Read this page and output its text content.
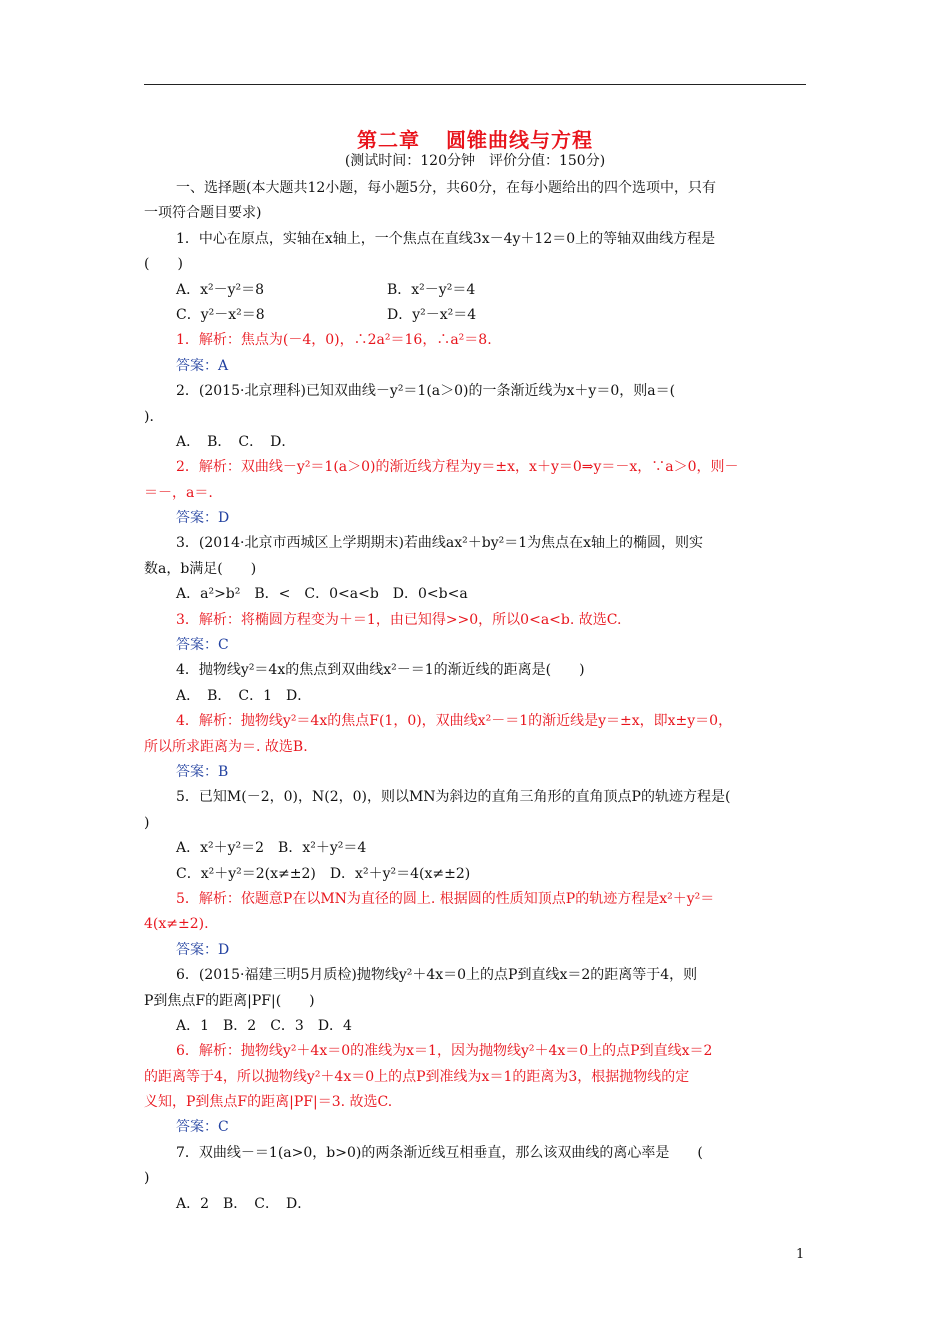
第二章 圆锥曲线与方程
(测试时间：120分钟　评价分值：150分)
一、选择题(本大题共12小题，每小题5分，共60分，在每小题给出的四个选项中，只有
一项符合题目要求)
1．中心在原点，实轴在x轴上，一个焦点在直线3x－4y＋12＝0上的等轴双曲线方程是
(　　)
A．x²－y²＝8	B．x²－y²＝4
C．y²－x²＝8	D．y²－x²＝4
1．解析：焦点为(－4，0)，∴2a²＝16，∴a²＝8.
答案：A
2．(2015·北京理科)已知双曲线－y²＝1(a＞0)的一条渐近线为x＋y＝0，则a＝(
)．
A．　B．　C．　D．
2．解析：双曲线－y²＝1(a＞0)的渐近线方程为y＝±x，x＋y＝0⇒y＝－x，∵a＞0，则－
＝－，a＝.
答案：D
3．(2014·北京市西城区上学期期末)若曲线ax²＋by²＝1为焦点在x轴上的椭圆，则实
数a，b满足(　　)
A．a²>b²　B．<　C．0<a<b　D．0<b<a
3．解析：将椭圆方程变为＋＝1，由已知得>>0，所以0<a<b. 故选C.
答案：C
4．抛物线y²＝4x的焦点到双曲线x²－＝1的渐近线的距离是(　　)
A．　B．　C．1　D．
4．解析：抛物线y²＝4x的焦点F(1，0)，双曲线x²－＝1的渐近线是y＝±x，即x±y＝0，
所以所求距离为＝. 故选B.
答案：B
5．已知M(－2，0)，N(2，0)，则以MN为斜边的直角三角形的直角顶点P的轨迹方程是(
)
A．x²＋y²＝2　B．x²＋y²＝4
C．x²＋y²＝2(x≠±2)　D．x²＋y²＝4(x≠±2)
5．解析：依题意P在以MN为直径的圆上. 根据圆的性质知顶点P的轨迹方程是x²＋y²＝
4(x≠±2).
答案：D
6．(2015·福建三明5月质检)抛物线y²＋4x＝0上的点P到直线x＝2的距离等于4，则
P到焦点F的距离|PF|(　　)
A．1　B．2　C．3　D．4
6．解析：抛物线y²＋4x＝0的准线为x＝1，因为抛物线y²＋4x＝0上的点P到直线x＝2
的距离等于4，所以抛物线y²＋4x＝0上的点P到准线为x＝1的距离为3，根据抛物线的定
义知，P到焦点F的距离|PF|＝3. 故选C.
答案：C
7．双曲线－＝1(a>0，b>0)的两条渐近线互相垂直，那么该双曲线的离心率是　　(
)
A．2　B．　C．　D．
1
